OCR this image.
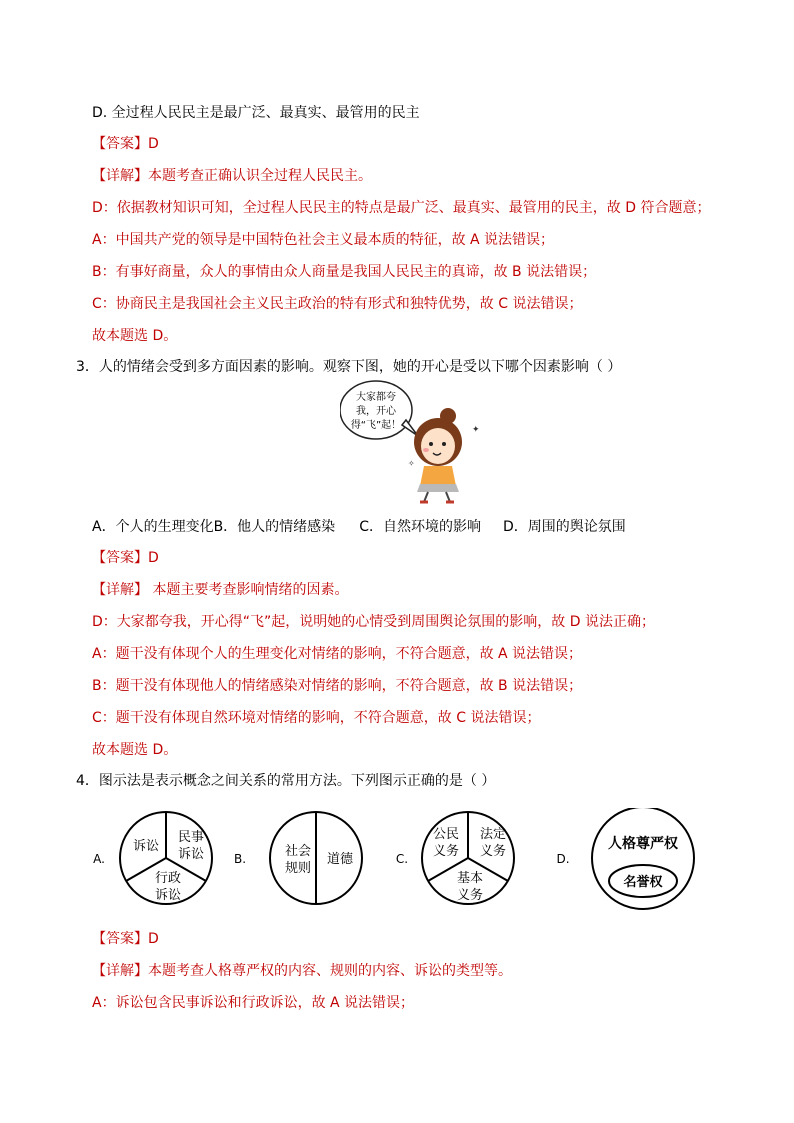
D. 全过程人民民主是最广泛、最真实、最管用的民主
【答案】D
【详解】本题考查正确认识全过程人民民主。
D：依据教材知识可知，全过程人民民主的特点是最广泛、最真实、最管用的民主，故 D 符合题意；
A：中国共产党的领导是中国特色社会主义最本质的特征，故 A 说法错误；
B：有事好商量，众人的事情由众人商量是我国人民民主的真谛，故 B 说法错误；
C：协商民主是我国社会主义民主政治的特有形式和独特优势，故 C 说法错误；
故本题选 D。
3．人的情绪会受到多方面因素的影响。观察下图，她的开心是受以下哪个因素影响（ ）
大家都夸
我，开心
得“飞”起！	✦
✧
A．个人的生理变化B．他人的情绪感染 C．自然环境的影响 D．周围的舆论氛围
【答案】D
【详解】 本题主要考查影响情绪的因素。
D：大家都夸我，开心得“飞”起，说明她的心情受到周围舆论氛围的影响，故 D 说法正确；
A：题干没有体现个人的生理变化对情绪的影响，不符合题意，故 A 说法错误；
B：题干没有体现他人的情绪感染对情绪的影响，不符合题意，故 B 说法错误；
C：题干没有体现自然环境对情绪的影响，不符合题意，故 C 说法错误；
故本题选 D。
4．图示法是表示概念之间关系的常用方法。下列图示正确的是（ ）
A.
诉讼
民事
诉讼
行政
诉讼
B.	社会
规则
道德	C.
公民
义务
法定
义务
基本
义务
D.
人格尊严权
名誉权
【答案】D
【详解】本题考查人格尊严权的内容、规则的内容、诉讼的类型等。
A：诉讼包含民事诉讼和行政诉讼，故 A 说法错误；
